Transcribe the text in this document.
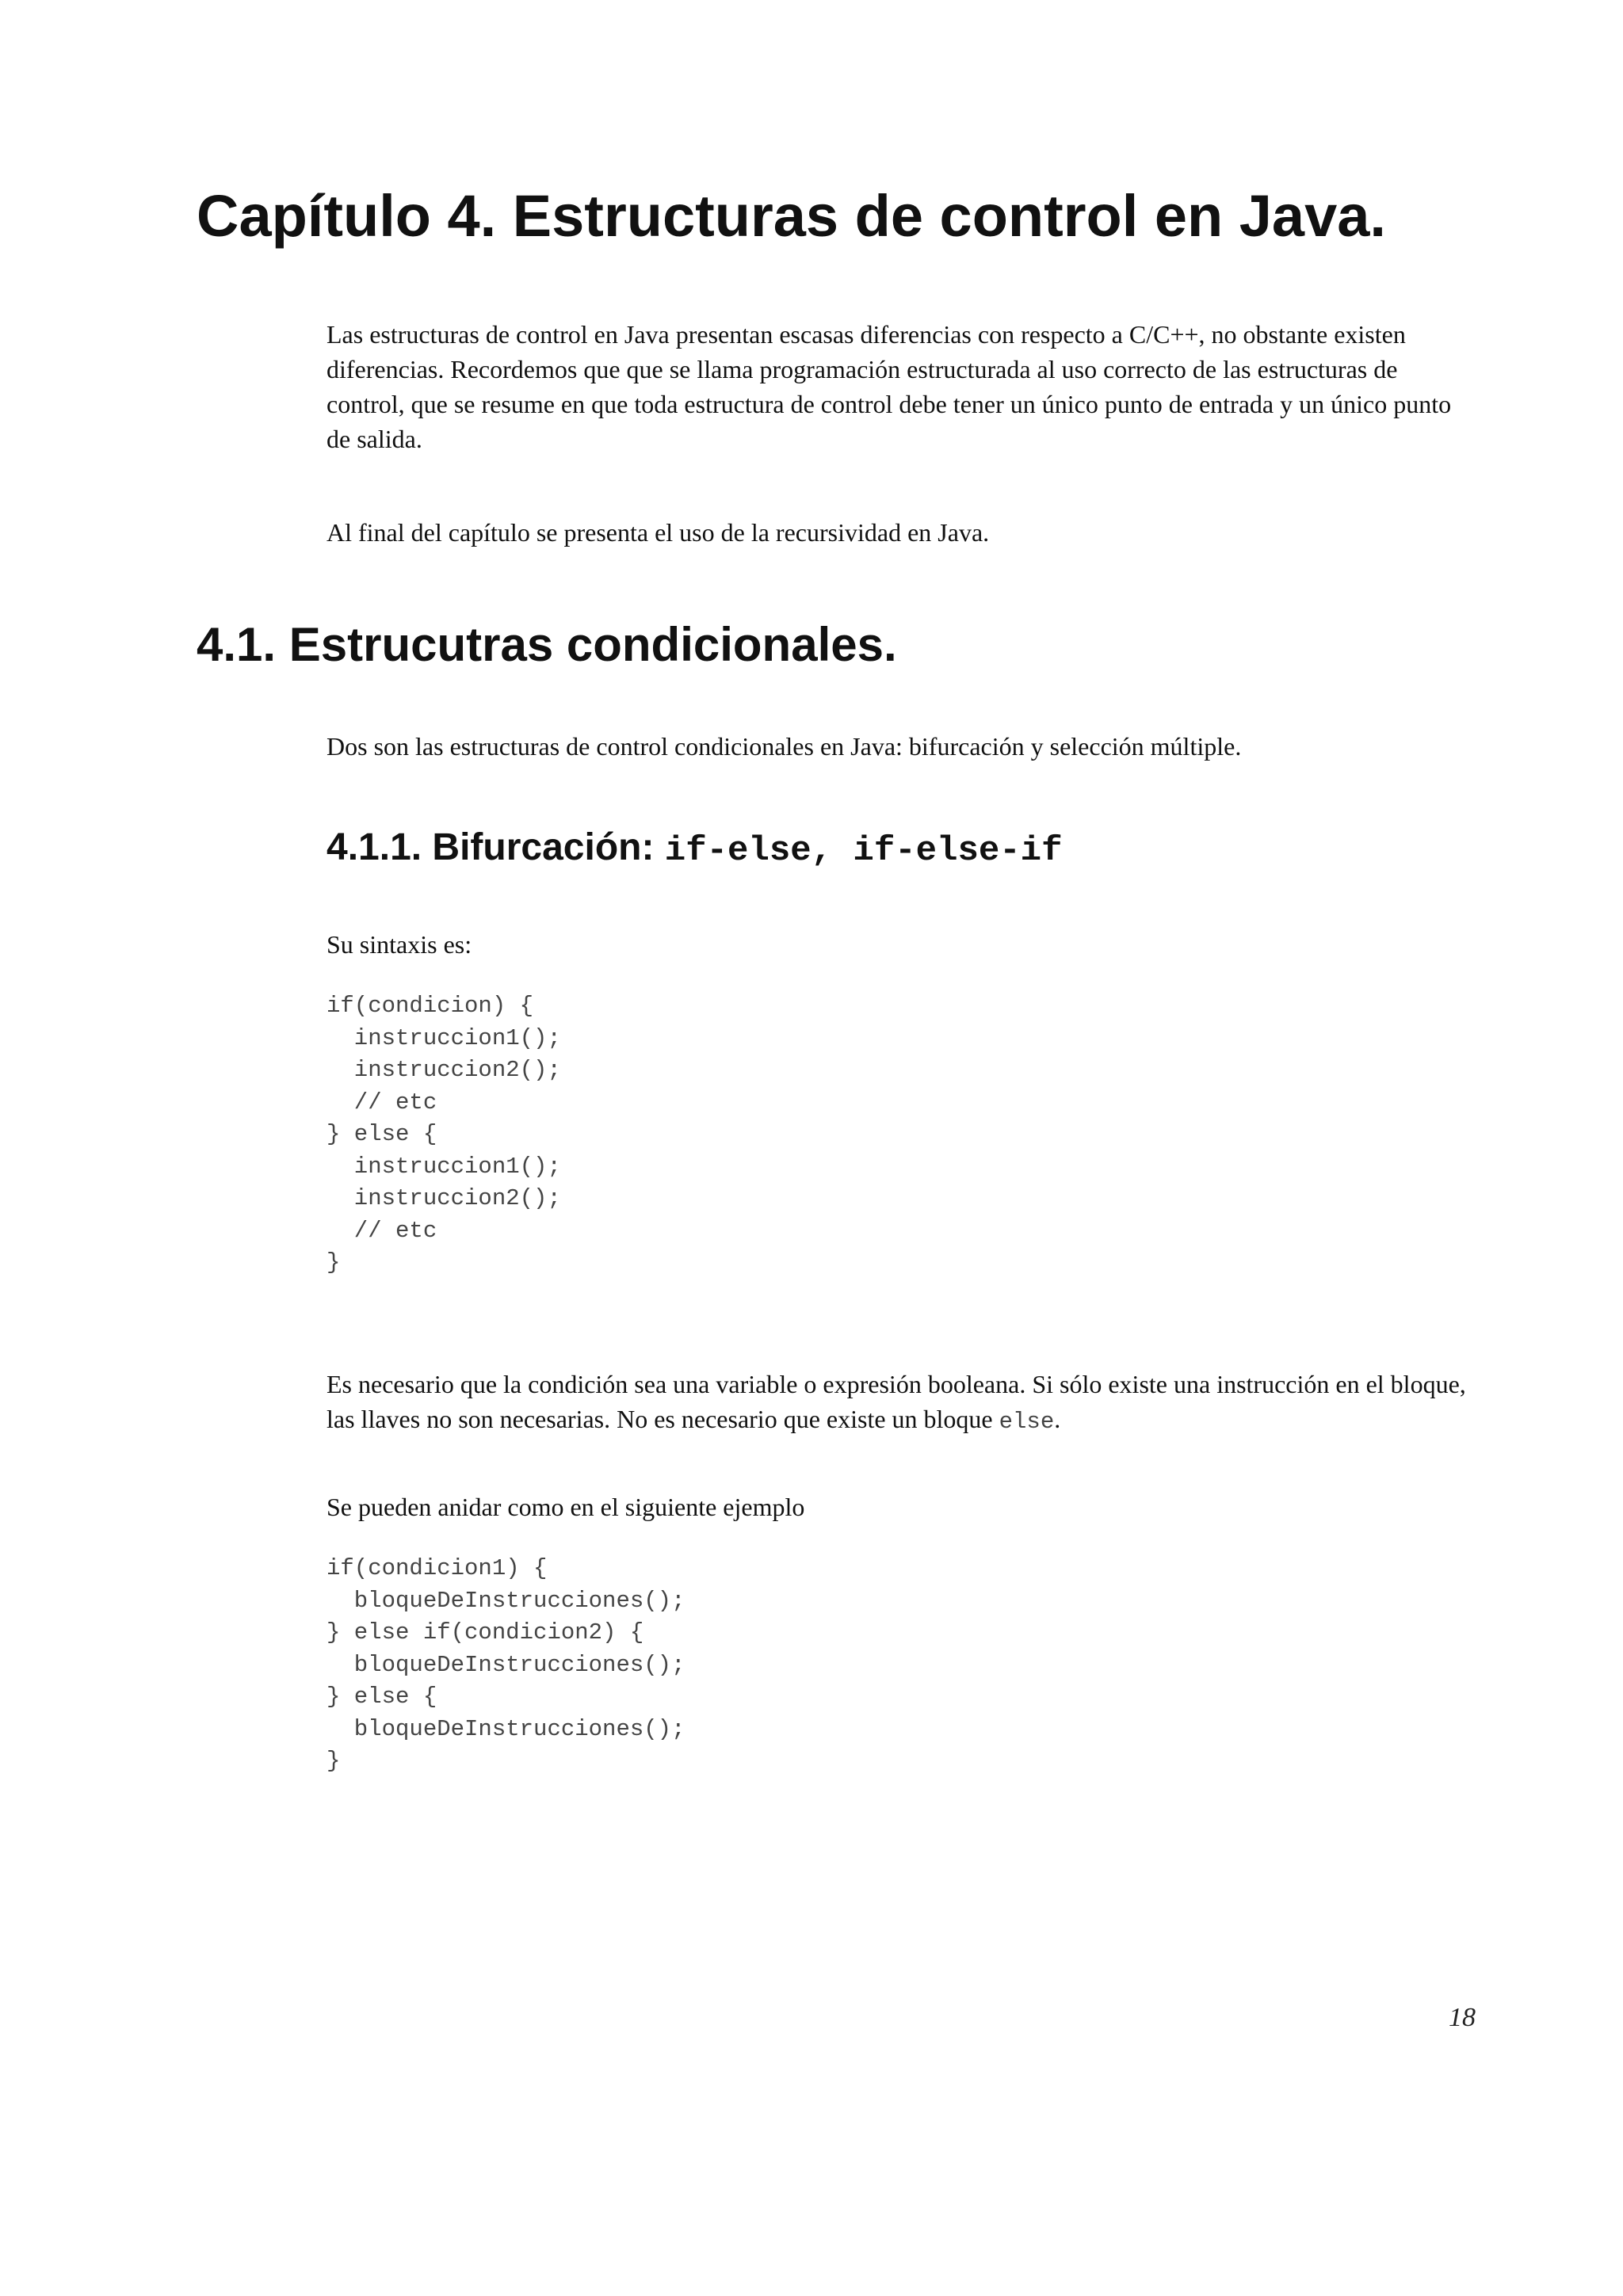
Capítulo 4. Estructuras de control en Java.

Las estructuras de control en Java presentan escasas diferencias con respecto a C/C++, no obstante existen diferencias. Recordemos que que se llama programación estructurada al uso correcto de las estructuras de control, que se resume en que toda estructura de control debe tener un único punto de entrada y un único punto de salida.

Al final del capítulo se presenta el uso de la recursividad en Java.

4.1. Estrucutras condicionales.

Dos son las estructuras de control condicionales en Java: bifurcación y selección múltiple.

4.1.1. Bifurcación: if-else, if-else-if

Su sintaxis es:

if(condicion) {
instruccion1();
instruccion2();
// etc
} else {
instruccion1();
instruccion2();
// etc
}

Es necesario que la condición sea una variable o expresión booleana. Si sólo existe una instrucción en el bloque, las llaves no son necesarias. No es necesario que existe un bloque else.

Se pueden anidar como en el siguiente ejemplo

if(condicion1) {
bloqueDeInstrucciones();
} else if(condicion2) {
bloqueDeInstrucciones();
} else {
bloqueDeInstrucciones();
}
18
